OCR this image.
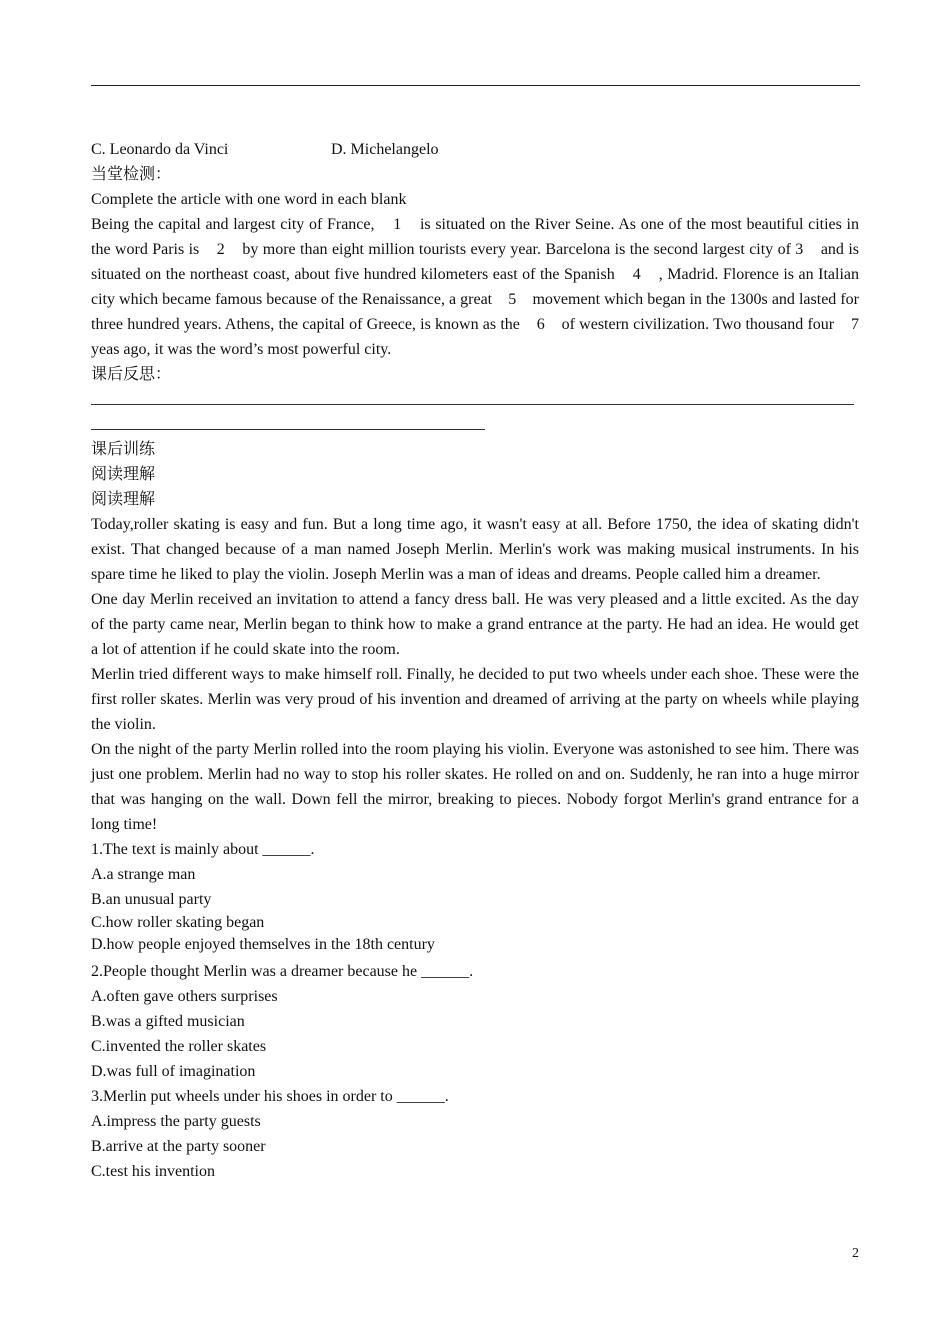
C. Leonardo da Vinci	D. Michelangelo
当堂检测：
Complete the article with one word in each blank
Being the capital and largest city of France,    1    is situated on the River Seine. As one of the most beautiful cities in the word Paris is    2    by more than eight million tourists every year. Barcelona is the second largest city of 3    and is situated on the northeast coast, about five hundred kilometers east of the Spanish    4    , Madrid. Florence is an Italian city which became famous because of the Renaissance, a great    5    movement which began in the 1300s and lasted for three hundred years. Athens, the capital of Greece, is known as the    6    of western civilization. Two thousand four    7    yeas ago, it was the word’s most powerful city.
课后反思：
课后训练
阅读理解
阅读理解
Today,roller skating is easy and fun. But a long time ago, it wasn't easy at all. Before 1750, the idea of skating didn't exist. That changed because of a man named Joseph Merlin. Merlin's work was making musical instruments. In his spare time he liked to play the violin. Joseph Merlin was a man of ideas and dreams. People called him a dreamer.
One day Merlin received an invitation to attend a fancy dress ball. He was very pleased and a little excited. As the day of the party came near, Merlin began to think how to make a grand entrance at the party. He had an idea. He would get a lot of attention if he could skate into the room.
Merlin tried different ways to make himself roll. Finally, he decided to put two wheels under each shoe. These were the first roller skates. Merlin was very proud of his invention and dreamed of arriving at the party on wheels while playing the violin.
On the night of the party Merlin rolled into the room playing his violin. Everyone was astonished to see him. There was just one problem. Merlin had no way to stop his roller skates. He rolled on and on. Suddenly, he ran into a huge mirror that was hanging on the wall. Down fell the mirror, breaking to pieces. Nobody forgot Merlin's grand entrance for a long time!
1.The text is mainly about ______.
A.a strange man
B.an unusual party
C.how roller skating began
D.how people enjoyed themselves in the 18th century
2.People thought Merlin was a dreamer because he ______.
A.often gave others surprises
B.was a gifted musician
C.invented the roller skates
D.was full of imagination
3.Merlin put wheels under his shoes in order to ______.
A.impress the party guests
B.arrive at the party sooner
C.test his invention
2
